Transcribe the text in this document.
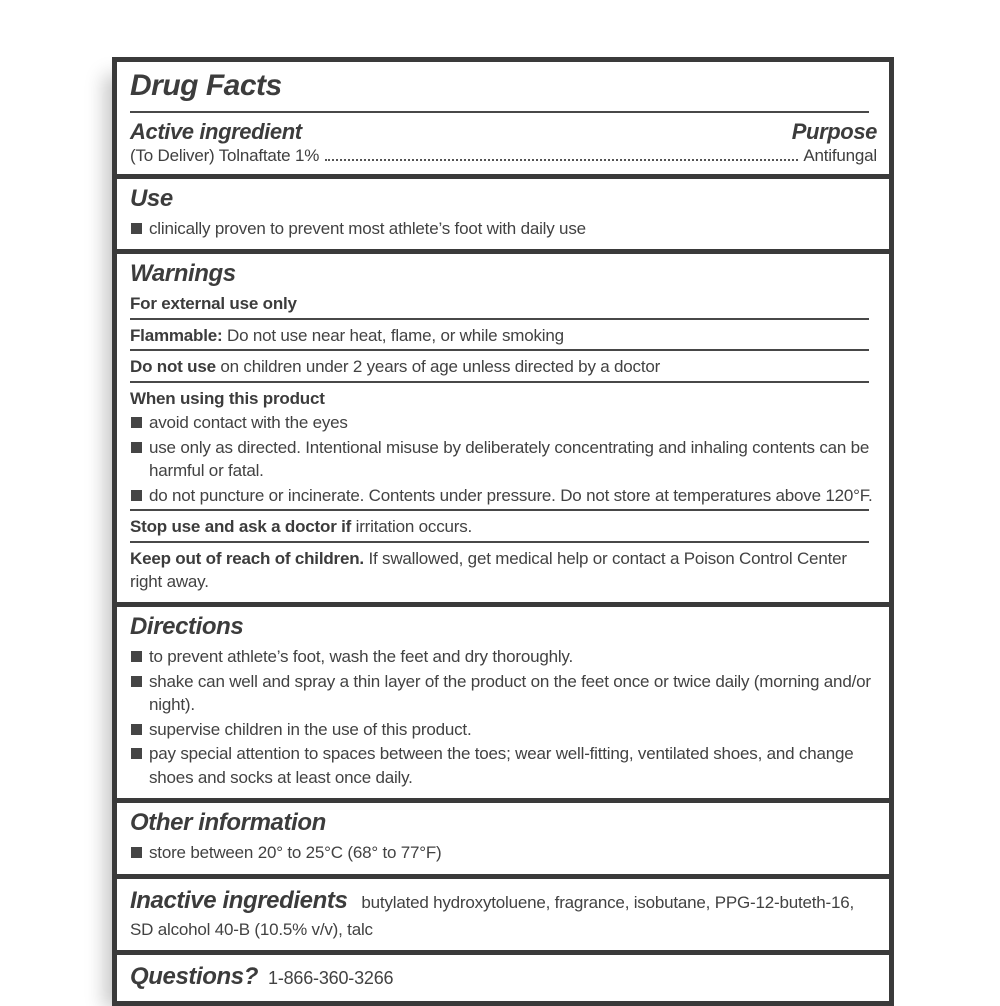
Drug Facts
Active ingredient	Purpose
(To Deliver) Tolnaftate 1%	Antifungal
Use
clinically proven to prevent most athlete’s foot with daily use
Warnings
For external use only
Flammable: Do not use near heat, flame, or while smoking
Do not use on children under 2 years of age unless directed by a doctor
When using this product
avoid contact with the eyes
use only as directed. Intentional misuse by deliberately concentrating and inhaling contents can be harmful or fatal.
do not puncture or incinerate. Contents under pressure. Do not store at temperatures above 120°F.
Stop use and ask a doctor if irritation occurs.
Keep out of reach of children. If swallowed, get medical help or contact a Poison Control Center right away.
Directions
to prevent athlete’s foot, wash the feet and dry thoroughly.
shake can well and spray a thin layer of the product on the feet once or twice daily (morning and/or night).
supervise children in the use of this product.
pay special attention to spaces between the toes; wear well-fitting, ventilated shoes, and change shoes and socks at least once daily.
Other information
store between 20° to 25°C (68° to 77°F)
Inactive ingredients butylated hydroxytoluene, fragrance, isobutane, PPG-12-buteth-16, SD alcohol 40-B (10.5% v/v), talc
Questions? 1-866-360-3266
